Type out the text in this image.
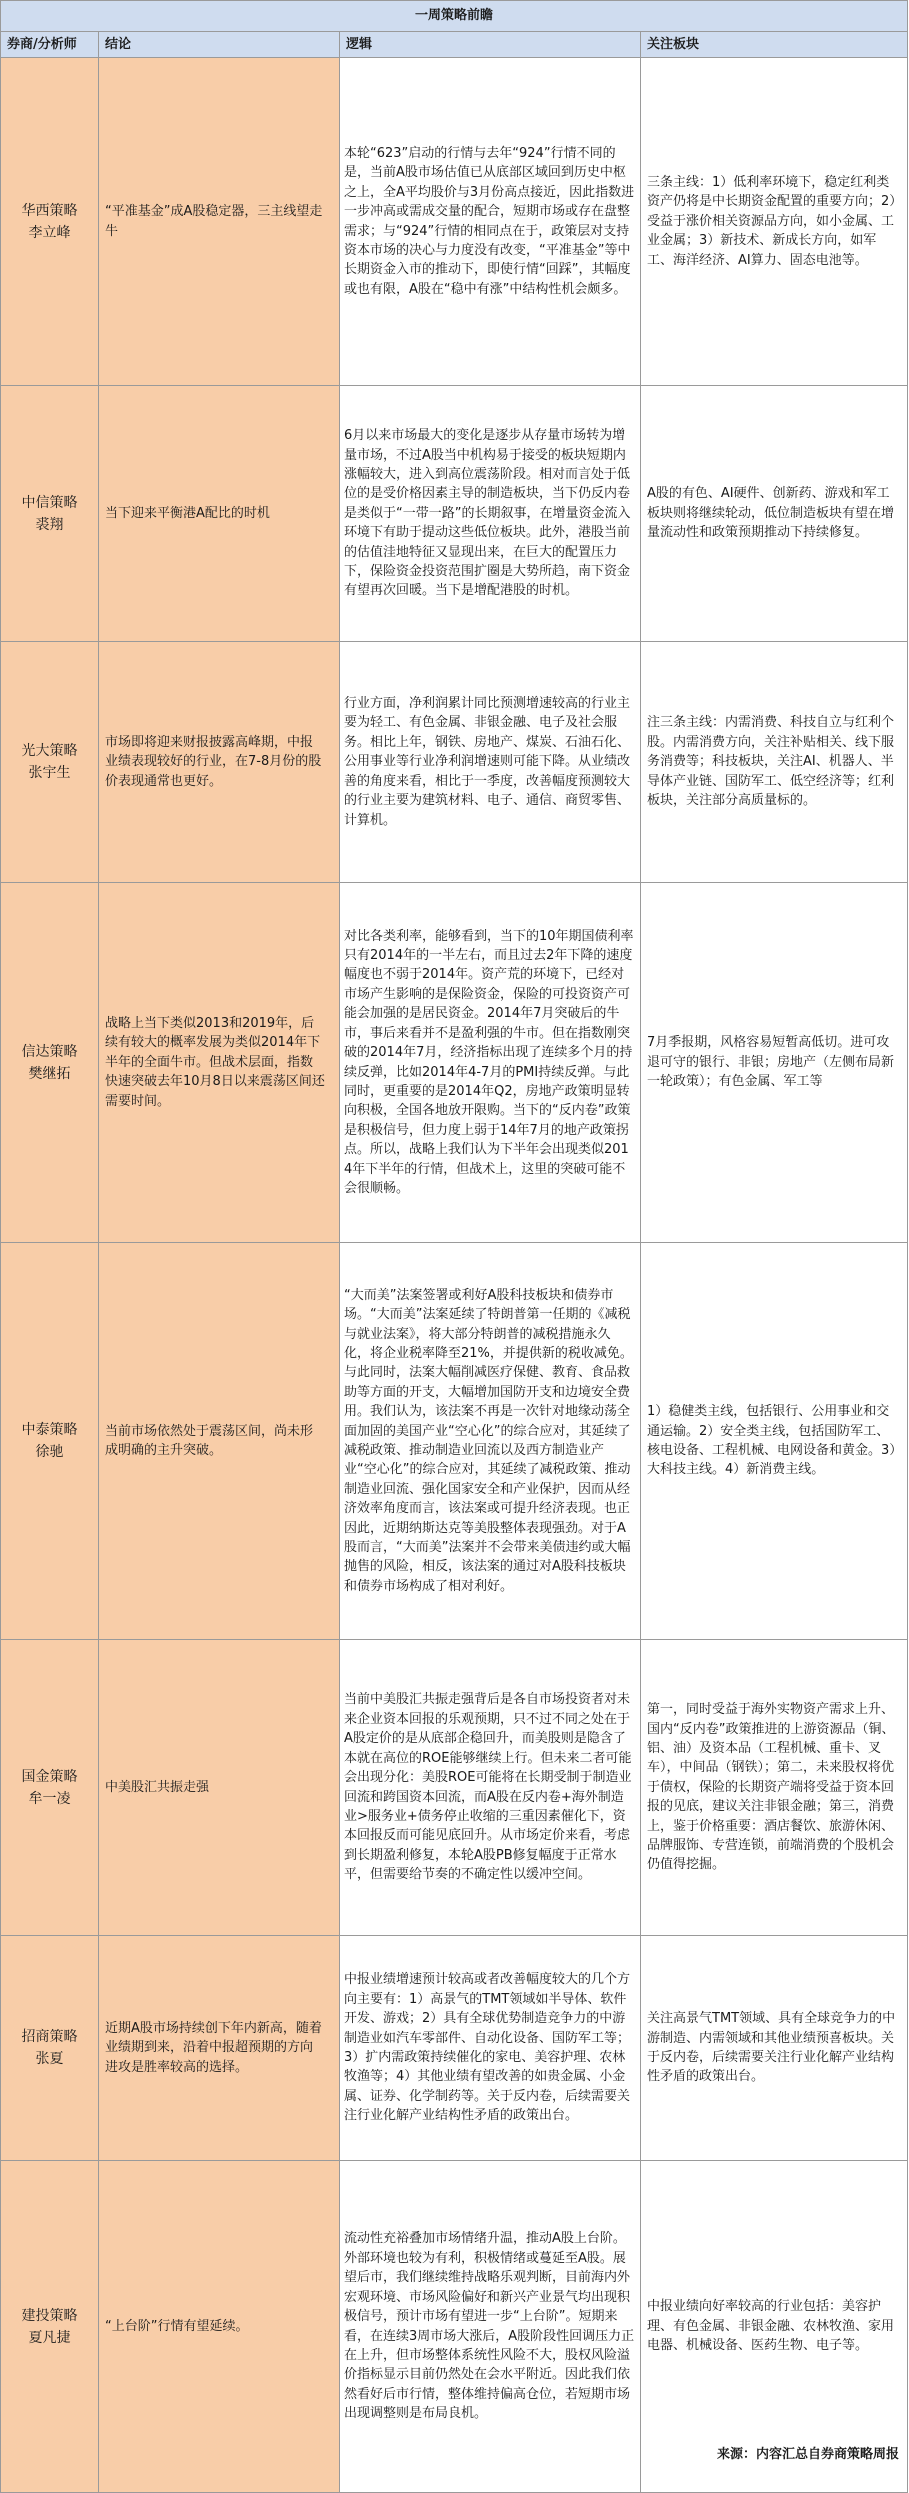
一周策略前瞻			
券商/分析师	结论	逻辑	关注板块

华西策略
李立峰	“平准基金”成A股稳定器，三主线望走牛	本轮“623”启动的行情与去年“924”行情不同的是，当前A股市场估值已从底部区域回到历史中枢之上，全A平均股价与3月份高点接近，因此指数进一步冲高或需成交量的配合，短期市场或存在盘整需求；与“924”行情的相同点在于，政策层对支持资本市场的决心与力度没有改变，“平准基金”等中长期资金入市的推动下，即使行情“回踩”，其幅度或也有限，A股在“稳中有涨”中结构性机会颇多。	三条主线：1）低利率环境下，稳定红利类资产仍将是中长期资金配置的重要方向；2）受益于涨价相关资源品方向，如小金属、工业金属；3）新技术、新成长方向，如军工、海洋经济、AI算力、固态电池等。

中信策略
裘翔	当下迎来平衡港A配比的时机	6月以来市场最大的变化是逐步从存量市场转为增量市场，不过A股当中机构易于接受的板块短期内涨幅较大，进入到高位震荡阶段。相对而言处于低位的是受价格因素主导的制造板块，当下仍反内卷是类似于“一带一路”的长期叙事，在增量资金流入环境下有助于提动这些低位板块。此外，港股当前的估值洼地特征又显现出来，在巨大的配置压力下，保险资金投资范围扩圈是大势所趋，南下资金有望再次回暖。当下是增配港股的时机。	A股的有色、AI硬件、创新药、游戏和军工板块则将继续轮动，低位制造板块有望在增量流动性和政策预期推动下持续修复。

光大策略
张宇生	市场即将迎来财报披露高峰期，中报业绩表现较好的行业，在7-8月份的股价表现通常也更好。	行业方面，净利润累计同比预测增速较高的行业主要为轻工、有色金属、非银金融、电子及社会服务。相比上年，钢铁、房地产、煤炭、石油石化、公用事业等行业净利润增速则可能下降。从业绩改善的角度来看，相比于一季度，改善幅度预测较大的行业主要为建筑材料、电子、通信、商贸零售、计算机。	注三条主线：内需消费、科技自立与红利个股。内需消费方向，关注补贴相关、线下服务消费等；科技板块，关注AI、机器人、半导体产业链、国防军工、低空经济等；红利板块，关注部分高质量标的。

信达策略
樊继拓	战略上当下类似2013和2019年，后续有较大的概率发展为类似2014年下半年的全面牛市。但战术层面，指数快速突破去年10月8日以来震荡区间还需要时间。	对比各类利率，能够看到，当下的10年期国债利率只有2014年的一半左右，而且过去2年下降的速度幅度也不弱于2014年。资产荒的环境下，已经对市场产生影响的是保险资金，保险的可投资资产可能会加强的是居民资金。2014年7月突破后的牛市，事后来看并不是盈利强的牛市。但在指数刚突破的2014年7月，经济指标出现了连续多个月的持续反弹，比如2014年4-7月的PMI持续反弹。与此同时，更重要的是2014年Q2，房地产政策明显转向积极，全国各地放开限购。当下的“反内卷”政策是积极信号，但力度上弱于14年7月的地产政策拐点。所以，战略上我们认为下半年会出现类似2014年下半年的行情，但战术上，这里的突破可能不会很顺畅。	7月季报期，风格容易短暂高低切。进可攻退可守的银行、非银；房地产（左侧布局新一轮政策）；有色金属、军工等

中泰策略
徐驰	当前市场依然处于震荡区间，尚未形成明确的主升突破。	“大而美”法案签署或利好A股科技板块和债券市场。“大而美”法案延续了特朗普第一任期的《减税与就业法案》，将大部分特朗普的减税措施永久化，将企业税率降至21%，并提供新的税收减免。与此同时，法案大幅削减医疗保健、教育、食品救助等方面的开支，大幅增加国防开支和边境安全费用。我们认为，该法案不再是一次针对地缘动荡全面加固的美国产业“空心化”的综合应对，其延续了减税政策、推动制造业回流以及西方制造业产业“空心化”的综合应对，其延续了减税政策、推动制造业回流、强化国家安全和产业保护，因而从经济效率角度而言，该法案或可提升经济表现。也正因此，近期纳斯达克等美股整体表现强劲。对于A股而言，“大而美”法案并不会带来美债违约或大幅抛售的风险，相反，该法案的通过对A股科技板块和债券市场构成了相对利好。	1）稳健类主线，包括银行、公用事业和交通运输。2）安全类主线，包括国防军工、核电设备、工程机械、电网设备和黄金。3）大科技主线。4）新消费主线。

国金策略
牟一凌	中美股汇共振走强	当前中美股汇共振走强背后是各自市场投资者对未来企业资本回报的乐观预期，只不过不同之处在于A股定价的是从底部企稳回升，而美股则是隐含了本就在高位的ROE能够继续上行。但未来二者可能会出现分化：美股ROE可能将在长期受制于制造业回流和跨国资本回流，而A股在反内卷+海外制造业>服务业+债务停止收缩的三重因素催化下，资本回报反而可能见底回升。从市场定价来看，考虑到长期盈利修复，本轮A股PB修复幅度于正常水平，但需要给节奏的不确定性以缓冲空间。	第一，同时受益于海外实物资产需求上升、国内“反内卷”政策推进的上游资源品（铜、铝、油）及资本品（工程机械、重卡、叉车），中间品（钢铁）；第二，未来股权将优于债权，保险的长期资产端将受益于资本回报的见底，建议关注非银金融；第三，消费上，鉴于价格重要：酒店餐饮、旅游休闲、品牌服饰、专营连锁，前端消费的个股机会仍值得挖掘。

招商策略
张夏	近期A股市场持续创下年内新高，随着业绩期到来，沿着中报超预期的方向进攻是胜率较高的选择。	中报业绩增速预计较高或者改善幅度较大的几个方向主要有：1）高景气的TMT领域如半导体、软件开发、游戏；2）具有全球优势制造竞争力的中游制造业如汽车零部件、自动化设备、国防军工等；3）扩内需政策持续催化的家电、美容护理、农林牧渔等；4）其他业绩有望改善的如贵金属、小金属、证券、化学制药等。关于反内卷，后续需要关注行业化解产业结构性矛盾的政策出台。	关注高景气TMT领域、具有全球竞争力的中游制造、内需领域和其他业绩预喜板块。关于反内卷，后续需要关注行业化解产业结构性矛盾的政策出台。

建投策略
夏凡捷	“上台阶”行情有望延续。	流动性充裕叠加市场情绪升温，推动A股上台阶。外部环境也较为有利，积极情绪或蔓延至A股。展望后市，我们继续维持战略乐观判断，目前海内外宏观环境、市场风险偏好和新兴产业景气均出现积极信号，预计市场有望进一步“上台阶”。短期来看，在连续3周市场大涨后，A股阶段性回调压力正在上升，但市场整体系统性风险不大，股权风险溢价指标显示目前仍然处在会水平附近。因此我们依然看好后市行情，整体维持偏高仓位，若短期市场出现调整则是布局良机。	中报业绩向好率较高的行业包括：美容护理、有色金属、非银金融、农林牧渔、家用电器、机械设备、医药生物、电子等。
来源：内容汇总自券商策略周报
